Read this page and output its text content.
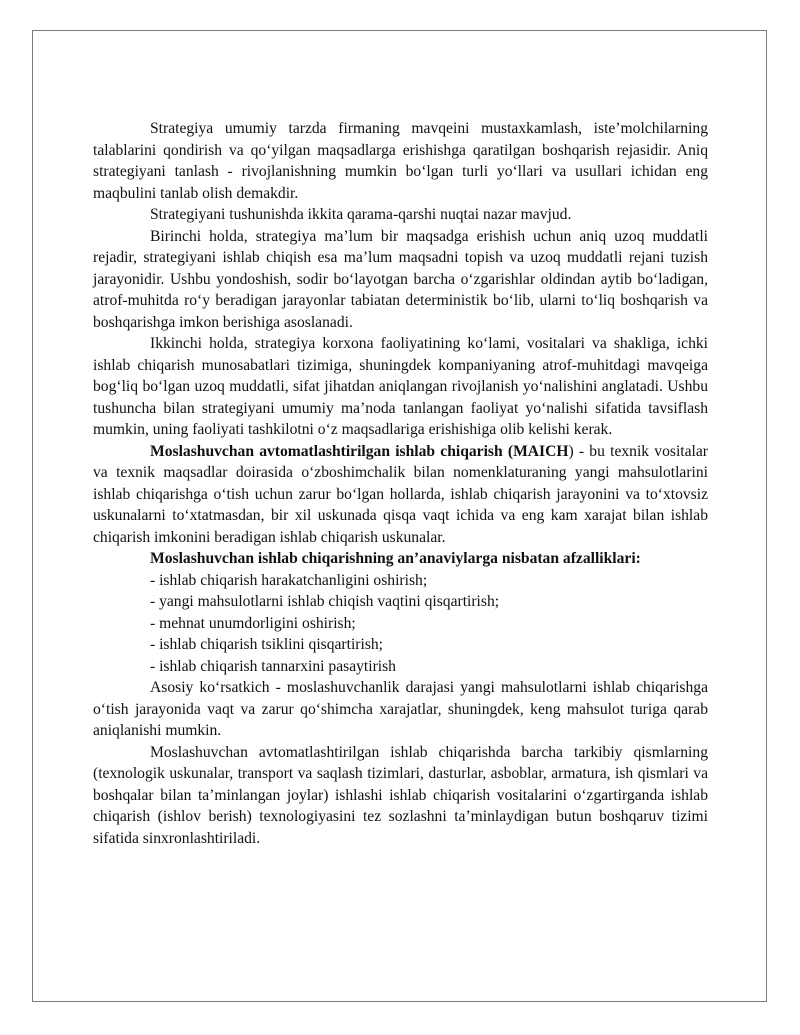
Strategiya umumiy tarzda firmaning mavqeini mustaxkamlash, iste’molchilarning talablarini qondirish va qo‘yilgan maqsadlarga erishishga qaratilgan boshqarish rejasidir. Aniq strategiyani tanlash - rivojlanishning mumkin bo‘lgan turli yo‘llari va usullari ichidan eng maqbulini tanlab olish demakdir.

Strategiyani tushunishda ikkita qarama-qarshi nuqtai nazar mavjud.

Birinchi holda, strategiya ma’lum bir maqsadga erishish uchun aniq uzoq muddatli rejadir, strategiyani ishlab chiqish esa ma’lum maqsadni topish va uzoq muddatli rejani tuzish jarayonidir. Ushbu yondoshish, sodir bo‘layotgan barcha o‘zgarishlar oldindan aytib bo‘ladigan, atrof-muhitda ro‘y beradigan jarayonlar tabiatan deterministik bo‘lib, ularni to‘liq boshqarish va boshqarishga imkon berishiga asoslanadi.

Ikkinchi holda, strategiya korxona faoliyatining ko‘lami, vositalari va shakliga, ichki ishlab chiqarish munosabatlari tizimiga, shuningdek kompaniyaning atrof-muhitdagi mavqeiga bog‘liq bo‘lgan uzoq muddatli, sifat jihatdan aniqlangan rivojlanish yo‘nalishini anglatadi. Ushbu tushuncha bilan strategiyani umumiy ma’noda tanlangan faoliyat yo‘nalishi sifatida tavsiflash mumkin, uning faoliyati tashkilotni o‘z maqsadlariga erishishiga olib kelishi kerak.

Moslashuvchan avtomatlashtirilgan ishlab chiqarish (MAICH) - bu texnik vositalar va texnik maqsadlar doirasida o‘zboshimchalik bilan nomenklaturaning yangi mahsulotlarini ishlab chiqarishga o‘tish uchun zarur bo‘lgan hollarda, ishlab chiqarish jarayonini va to‘xtovsiz uskunalarni to‘xtatmasdan, bir xil uskunada qisqa vaqt ichida va eng kam xarajat bilan ishlab chiqarish imkonini beradigan ishlab chiqarish uskunalar.

Moslashuvchan ishlab chiqarishning an’anaviylarga nisbatan afzalliklari:

- ishlab chiqarish harakatchanligini oshirish;

- yangi mahsulotlarni ishlab chiqish vaqtini qisqartirish;

- mehnat unumdorligini oshirish;

- ishlab chiqarish tsiklini qisqartirish;

- ishlab chiqarish tannarxini pasaytirish

Asosiy ko‘rsatkich - moslashuvchanlik darajasi yangi mahsulotlarni ishlab chiqarishga o‘tish jarayonida vaqt va zarur qo‘shimcha xarajatlar, shuningdek, keng mahsulot turiga qarab aniqlanishi mumkin.

Moslashuvchan avtomatlashtirilgan ishlab chiqarishda barcha tarkibiy qismlarning (texnologik uskunalar, transport va saqlash tizimlari, dasturlar, asboblar, armatura, ish qismlari va boshqalar bilan ta’minlangan joylar) ishlashi ishlab chiqarish vositalarini o‘zgartirganda ishlab chiqarish (ishlov berish) texnologiyasini tez sozlashni ta’minlaydigan butun boshqaruv tizimi sifatida sinxronlashtiriladi.
